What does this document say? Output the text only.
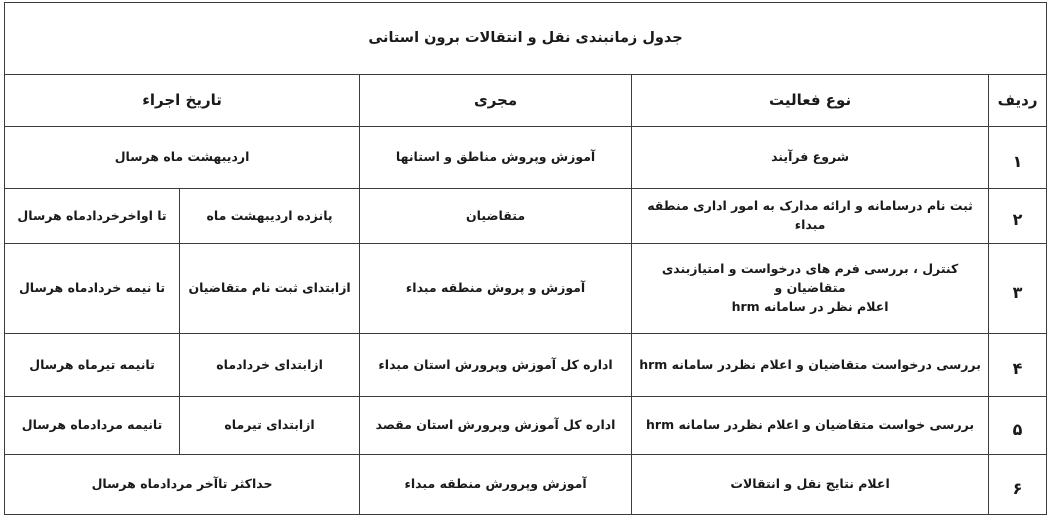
جدول زمانبندی نقل و انتقالات برون استانی				
ردیف	نوع فعالیت	مجری	تاریخ اجراء	
۱	شروع فرآیند	آموزش وپروش مناطق و استانها	اردیبهشت ماه هرسال	
۲	ثبت نام درسامانه و ارائه مدارک به امور اداری منطقه مبداء	متقاضیان	پانزده اردیبهشت ماه	تا اواخرخردادماه هرسال
۳	کنترل ، بررسی فرم های درخواست و امتیازبندی متقاضیان و
اعلام نظر در سامانه hrm	آموزش و پروش منطقه مبداء	ازابتدای ثبت نام متقاضیان	تا نیمه خردادماه هرسال
۴	بررسی درخواست متقاضیان و اعلام نظردر سامانه hrm	اداره کل آموزش وپرورش استان مبداء	ازابتدای خردادماه	تانیمه تیرماه هرسال
۵	بررسی خواست متقاضیان و اعلام نظردر سامانه hrm	اداره کل آموزش وپرورش استان مقصد	ازابتدای تیرماه	تانیمه مردادماه هرسال
۶	اعلام نتایج نقل و انتقالات	آموزش وپرورش منطقه مبداء	حداکثر تاآخر مردادماه هرسال	
